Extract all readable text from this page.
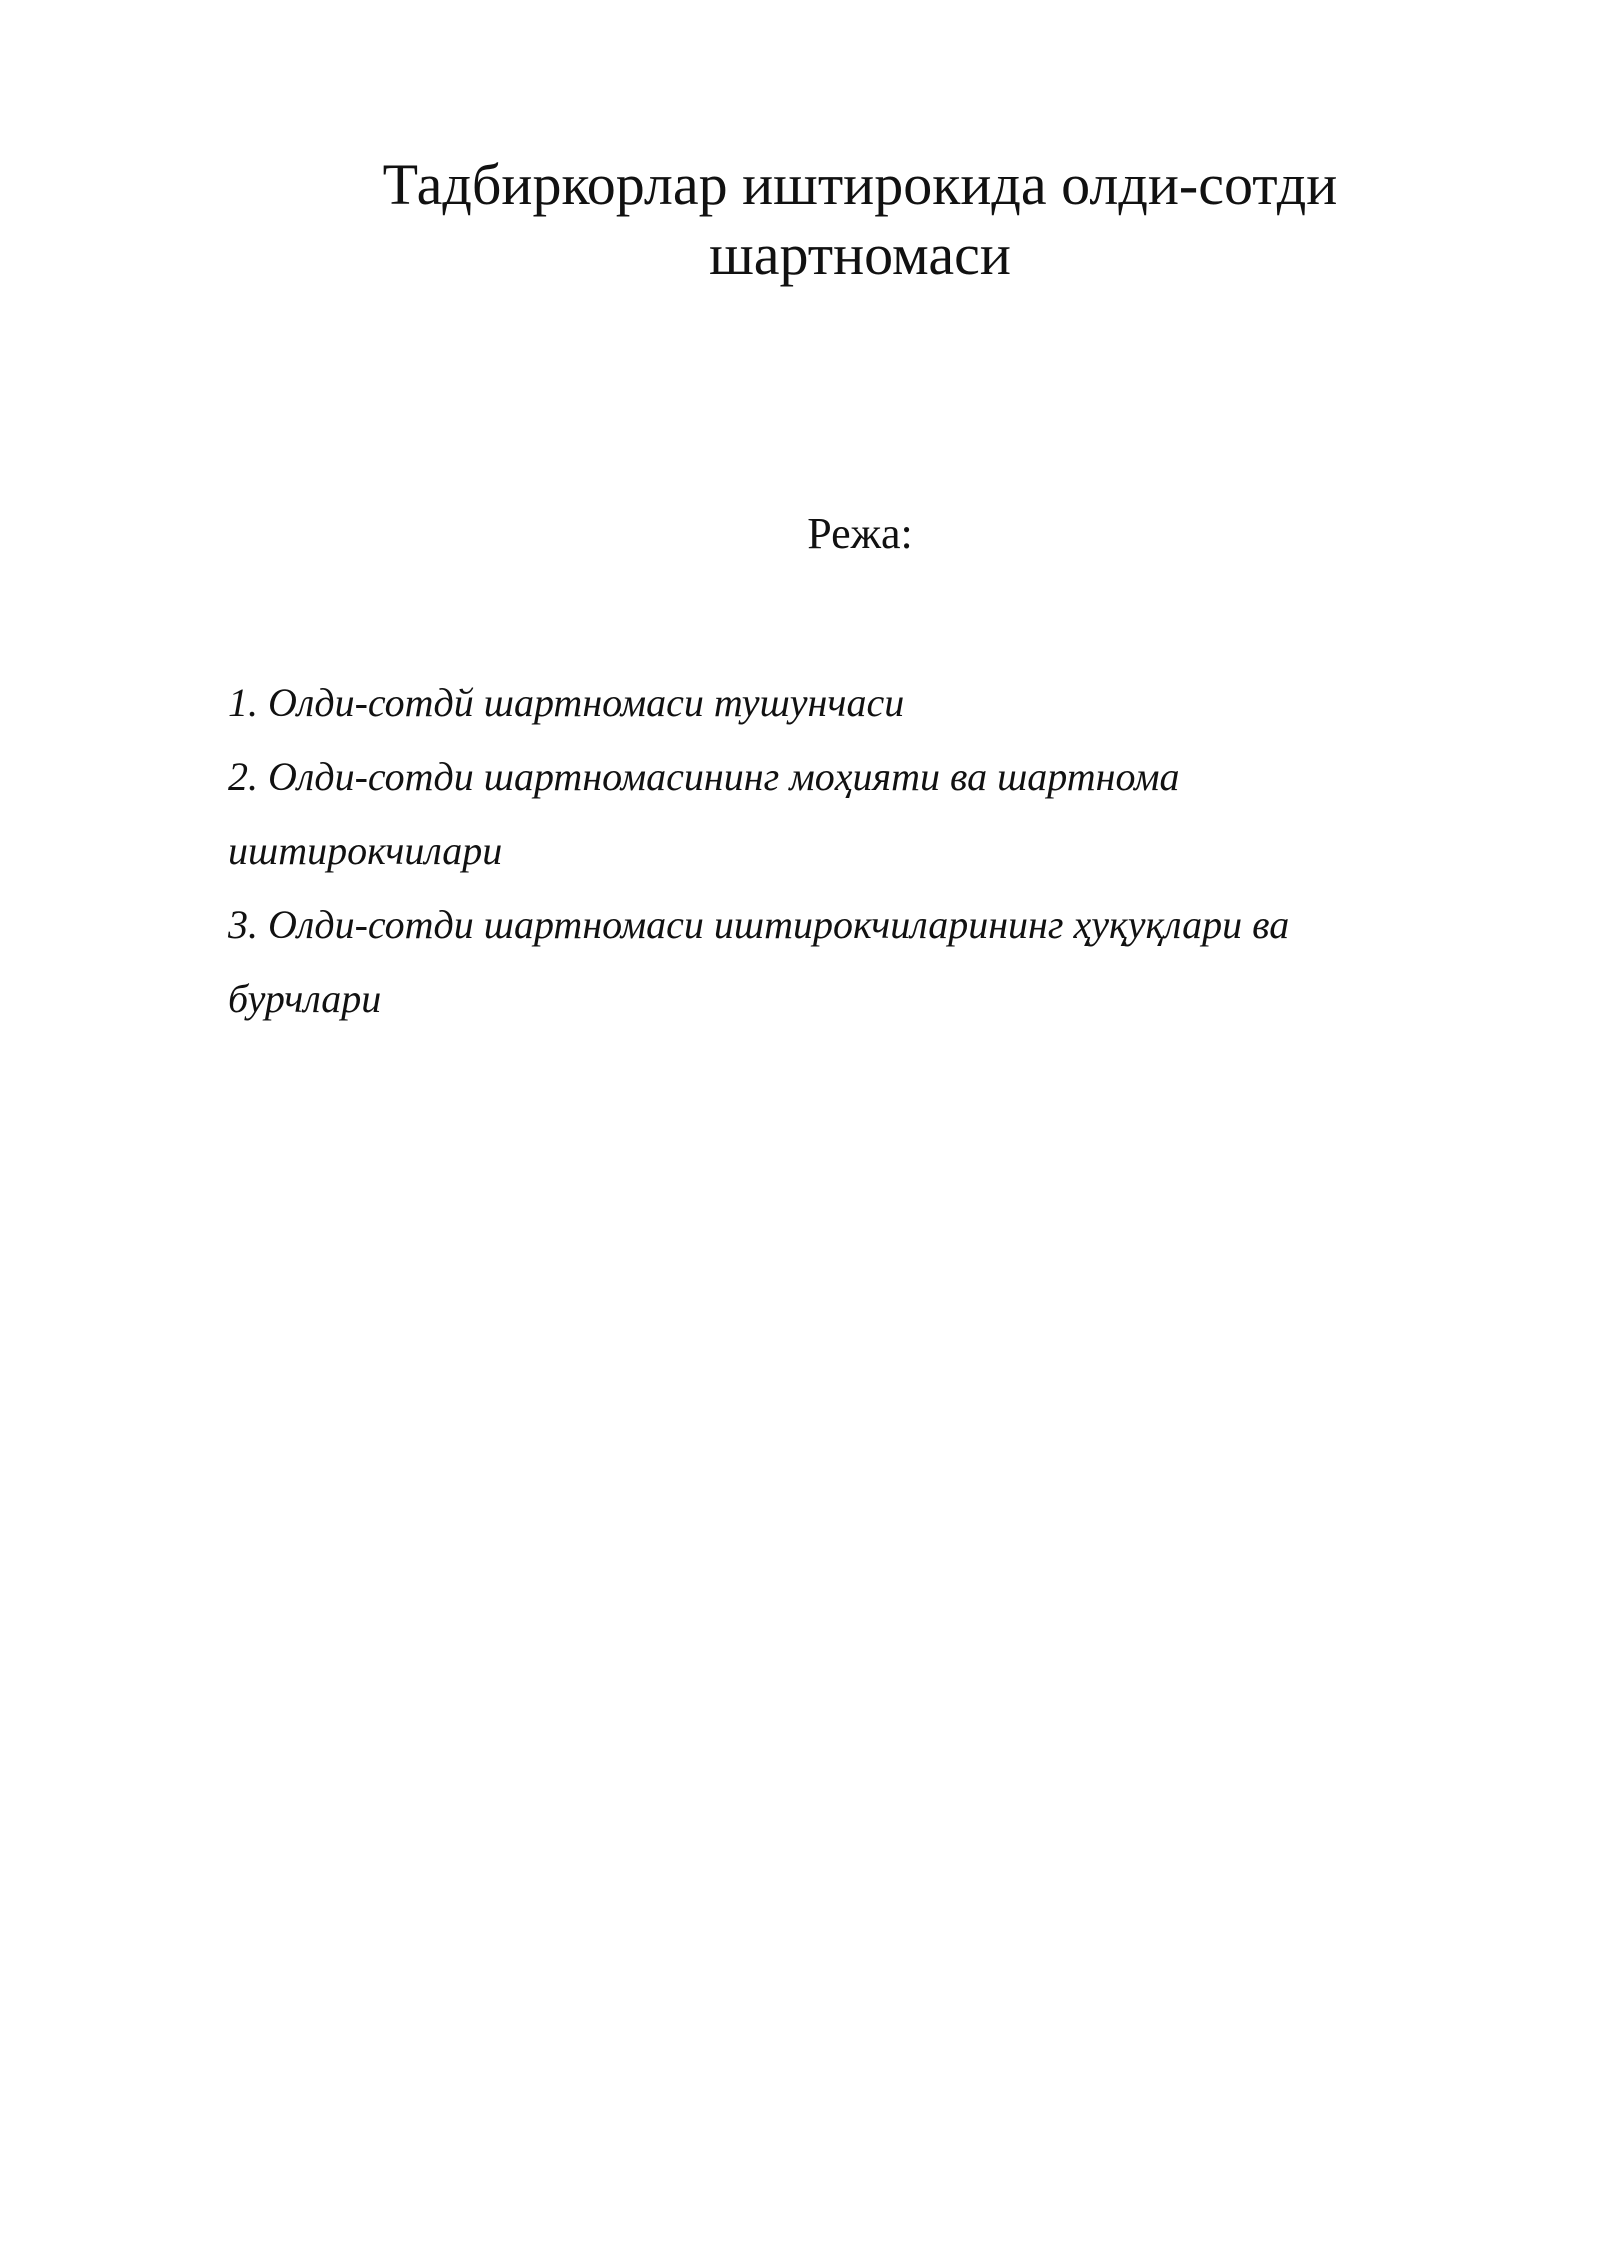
Тадбиркорлар иштирокида олди-сотди шартномаси
Режа:
1. Олди-сотдй шартномаси тушунчаси
2. Олди-сотди шартномасининг моҳияти ва шартнома иштирокчилари
3. Олди-сотди шартномаси иштирокчиларининг ҳуқуқлари ва бурчлари
